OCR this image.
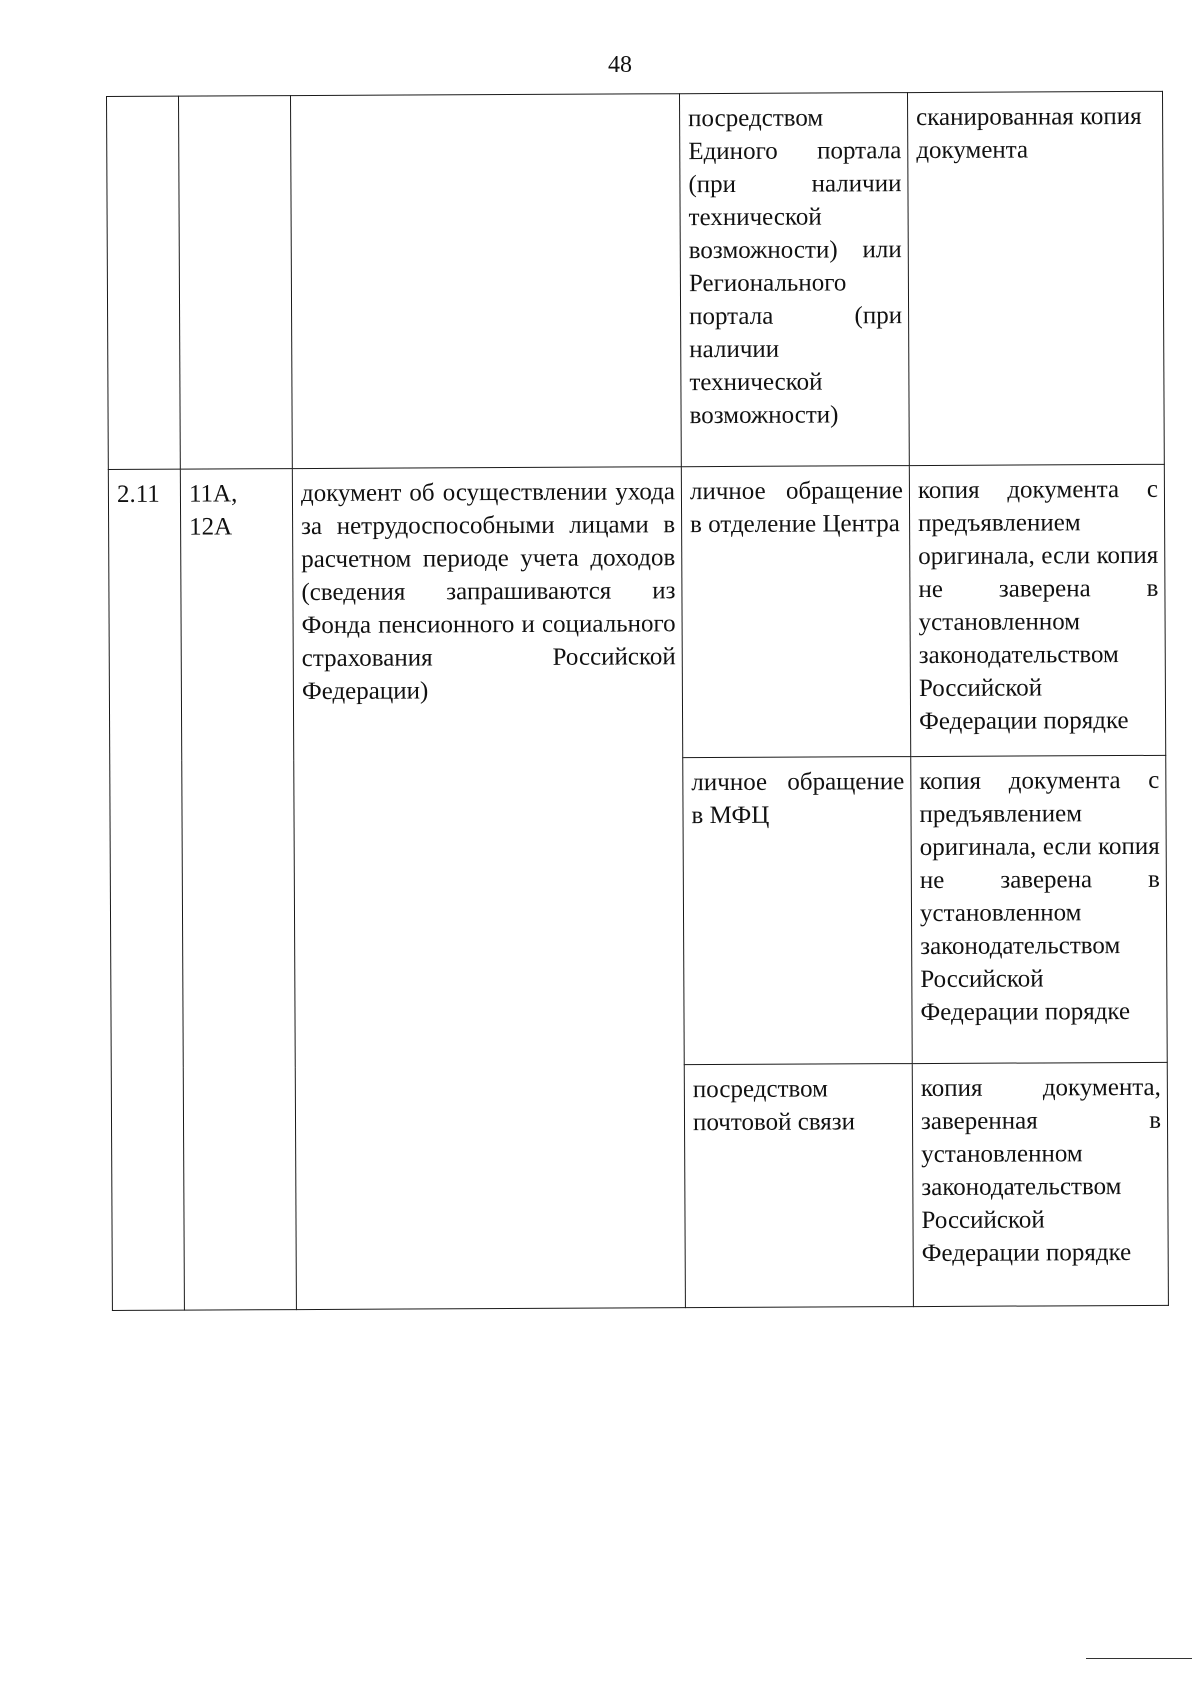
48
			посредством Единого портала (при наличии технической возможности) или Регионального портала (при наличии технической возможности)	сканированная копия документа
2.11	11А, 12А	документ об осуществлении ухода за нетрудоспособными лицами в расчетном периоде учета доходов (сведения запрашиваются из Фонда пенсионного и социального страхования Российской Федерации)	личное обращение в отделение Центра	копия документа с предъявлением оригинала, если копия не заверена в установленном законодательством Российской Федерации порядке
			личное обращение в МФЦ	копия документа с предъявлением оригинала, если копия не заверена в установленном законодательством Российской Федерации порядке
			посредством почтовой связи	копия документа, заверенная в установленном законодательством Российской Федерации порядке
